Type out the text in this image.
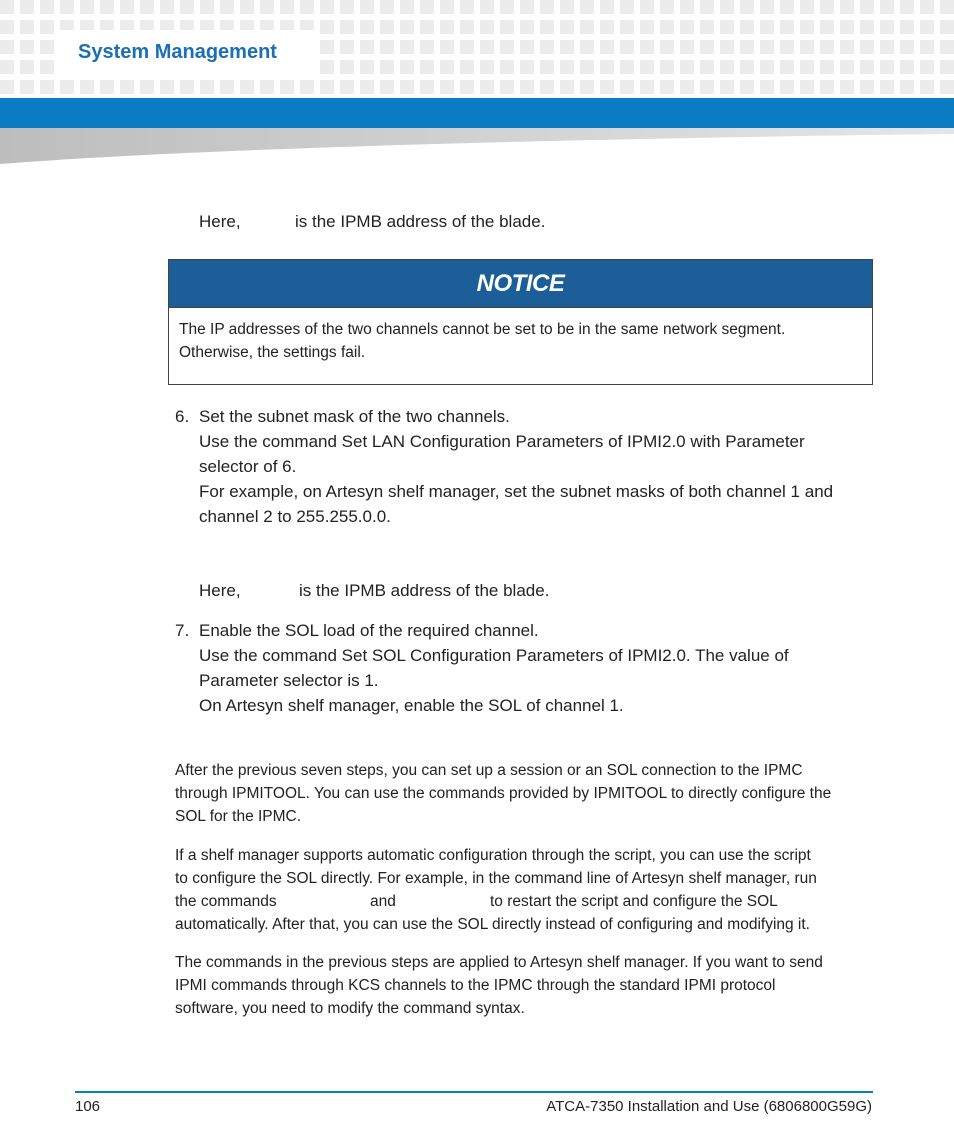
System Management
Here,	is the IPMB address of the blade.
NOTICE
The IP addresses of the two channels cannot be set to be in the same network segment.
Otherwise, the settings fail.
6. Set the subnet mask of the two channels.
Use the command Set LAN Configuration Parameters of IPMI2.0 with Parameter
selector of 6.
For example, on Artesyn shelf manager, set the subnet masks of both channel 1 and
channel 2 to 255.255.0.0.
Here,	is the IPMB address of the blade.
7. Enable the SOL load of the required channel.
Use the command Set SOL Configuration Parameters of IPMI2.0. The value of
Parameter selector is 1.
On Artesyn shelf manager, enable the SOL of channel 1.
After the previous seven steps, you can set up a session or an SOL connection to the IPMC
through IPMITOOL. You can use the commands provided by IPMITOOL to directly configure the
SOL for the IPMC.
If a shelf manager supports automatic configuration through the script, you can use the script
to configure the SOL directly. For example, in the command line of Artesyn shelf manager, run
the commands	and	to restart the script and configure the SOL
automatically. After that, you can use the SOL directly instead of configuring and modifying it.
The commands in the previous steps are applied to Artesyn shelf manager. If you want to send
IPMI commands through KCS channels to the IPMC through the standard IPMI protocol
software, you need to modify the command syntax.
106	ATCA-7350 Installation and Use (6806800G59G)
